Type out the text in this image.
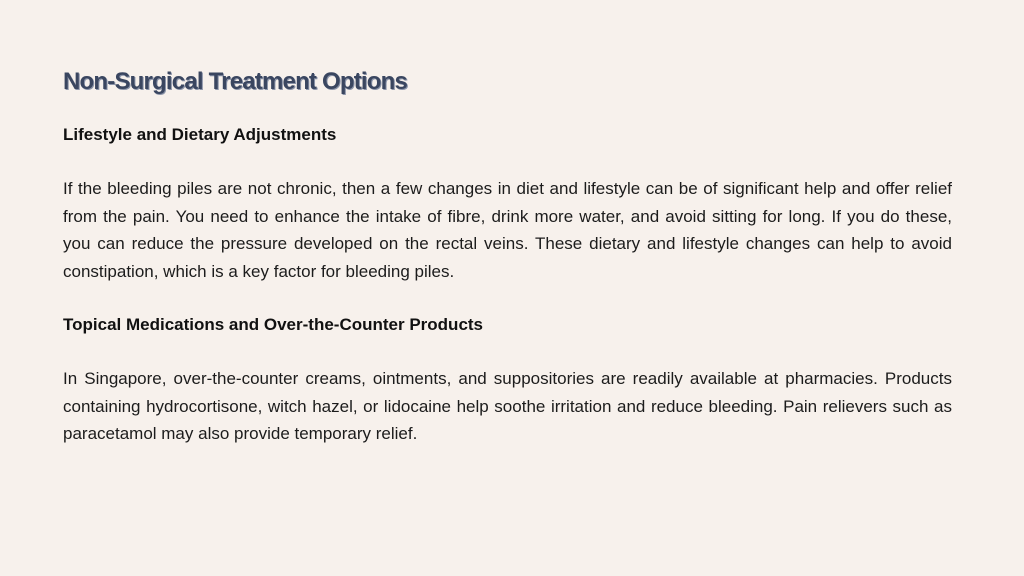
Non-Surgical Treatment Options
Lifestyle and Dietary Adjustments

If the bleeding piles are not chronic, then a few changes in diet and lifestyle can be of significant help and offer relief from the pain. You need to enhance the intake of fibre, drink more water, and avoid sitting for long. If you do these, you can reduce the pressure developed on the rectal veins. These dietary and lifestyle changes can help to avoid constipation, which is a key factor for bleeding piles.

Topical Medications and Over-the-Counter Products

In Singapore, over-the-counter creams, ointments, and suppositories are readily available at pharmacies. Products containing hydrocortisone, witch hazel, or lidocaine help soothe irritation and reduce bleeding. Pain relievers such as paracetamol may also provide temporary relief.
